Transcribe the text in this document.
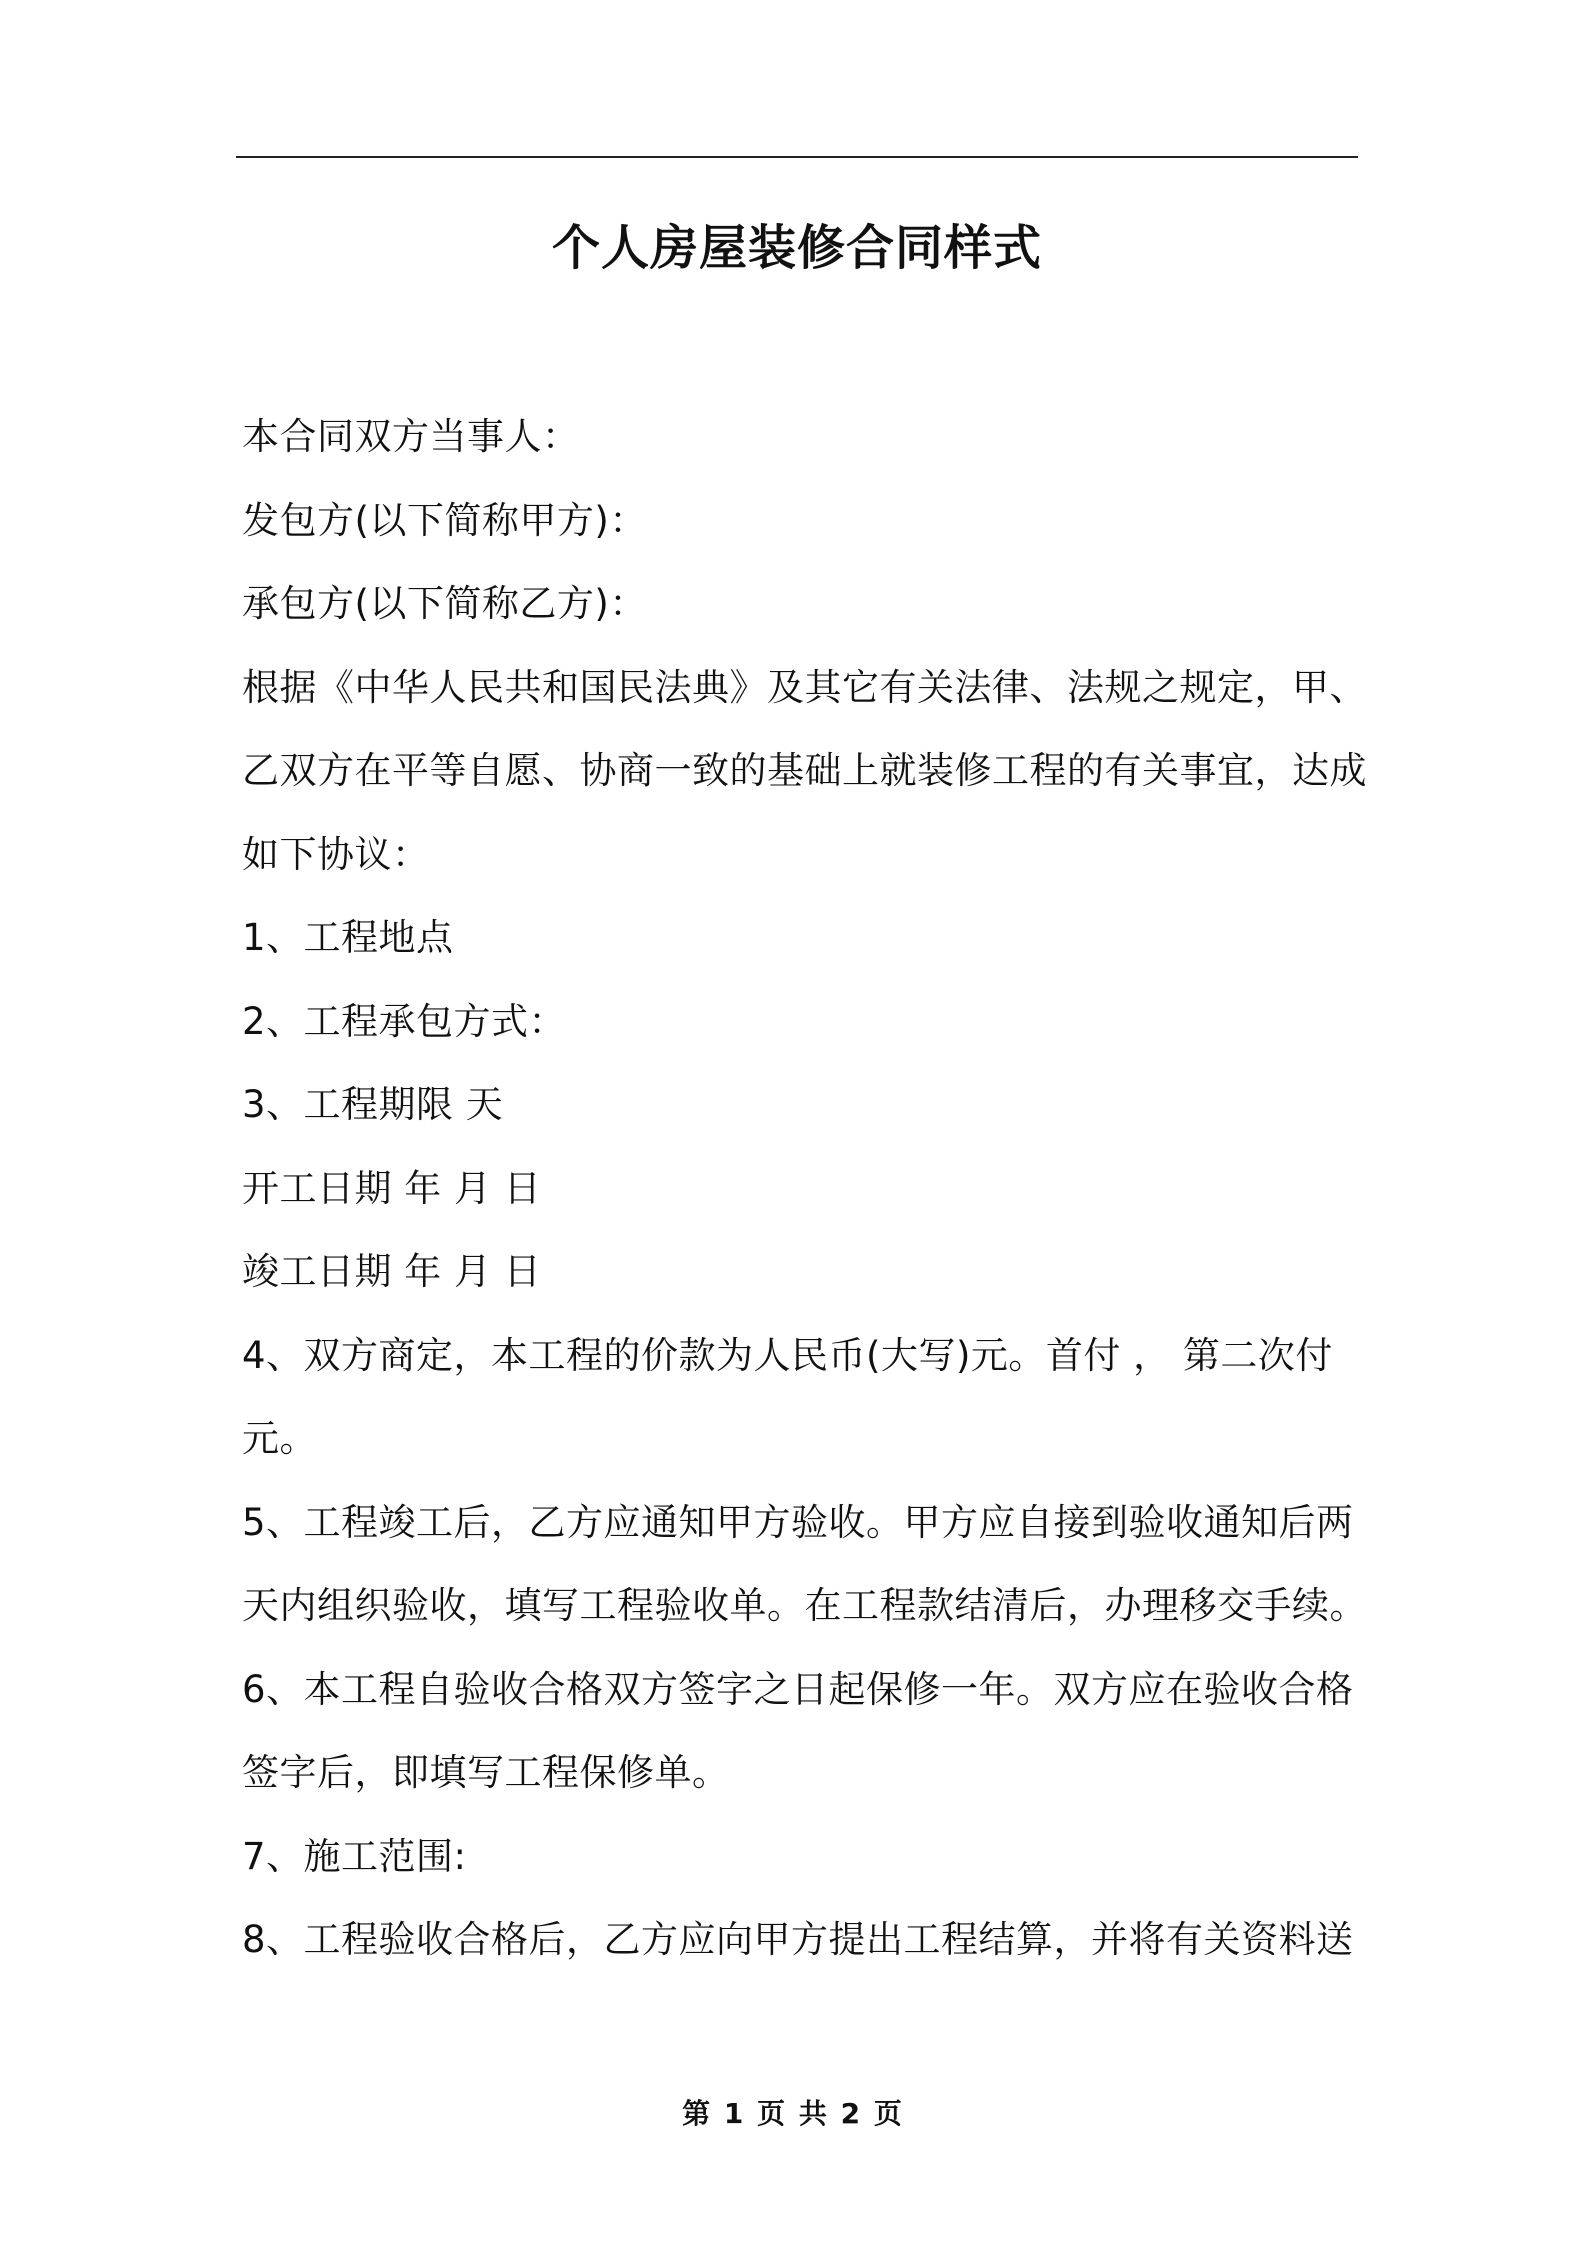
个人房屋装修合同样式
本合同双方当事人：
发包方(以下简称甲方)：
承包方(以下简称乙方)：
根据《中华人民共和国民法典》及其它有关法律、法规之规定，甲、
乙双方在平等自愿、协商一致的基础上就装修工程的有关事宜，达成
如下协议：
1、工程地点
2、工程承包方式：
3、工程期限 天
开工日期 年 月 日
竣工日期 年 月 日
4、双方商定，本工程的价款为人民币(大写)元。首付 ， 第二次付
元。
5、工程竣工后，乙方应通知甲方验收。甲方应自接到验收通知后两
天内组织验收，填写工程验收单。在工程款结清后，办理移交手续。
6、本工程自验收合格双方签字之日起保修一年。双方应在验收合格
签字后，即填写工程保修单。
7、施工范围:
8、工程验收合格后，乙方应向甲方提出工程结算，并将有关资料送
第 1 页 共 2 页
